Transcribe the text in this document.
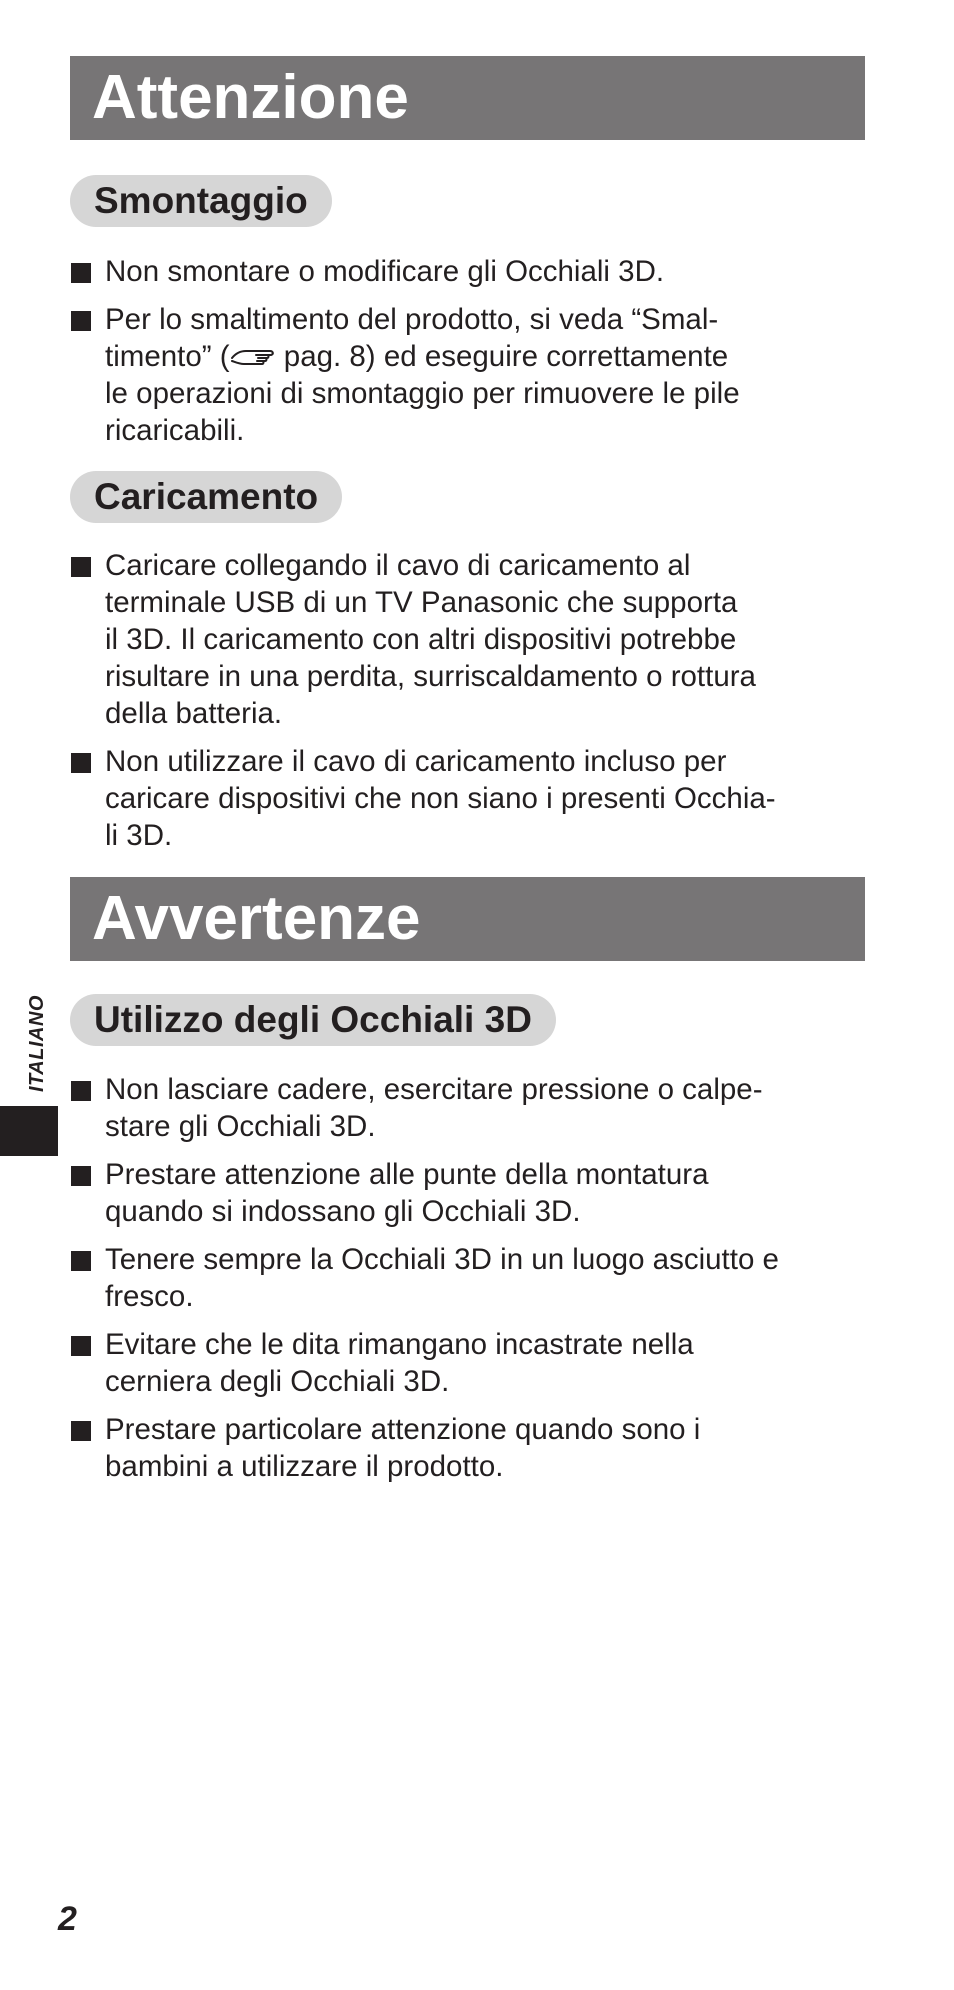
Attenzione
Smontaggio
Non smontare o modificare gli Occhiali 3D.
Per lo smaltimento del prodotto, si veda “Smal-
timento” ( pag. 8) ed eseguire correttamente
le operazioni di smontaggio per rimuovere le pile
ricaricabili.
Caricamento
Caricare collegando il cavo di caricamento al
terminale USB di un TV Panasonic che supporta
il 3D. Il caricamento con altri dispositivi potrebbe
risultare in una perdita, surriscaldamento o rottura
della batteria.
Non utilizzare il cavo di caricamento incluso per
caricare dispositivi che non siano i presenti Occhia-
li 3D.
Avvertenze
Utilizzo degli Occhiali 3D
Non lasciare cadere, esercitare pressione o calpe-
stare gli Occhiali 3D.
Prestare attenzione alle punte della montatura
quando si indossano gli Occhiali 3D.
Tenere sempre la Occhiali 3D in un luogo asciutto e
fresco.
Evitare che le dita rimangano incastrate nella
cerniera degli Occhiali 3D.
Prestare particolare attenzione quando sono i
bambini a utilizzare il prodotto.
ITALIANO
2
